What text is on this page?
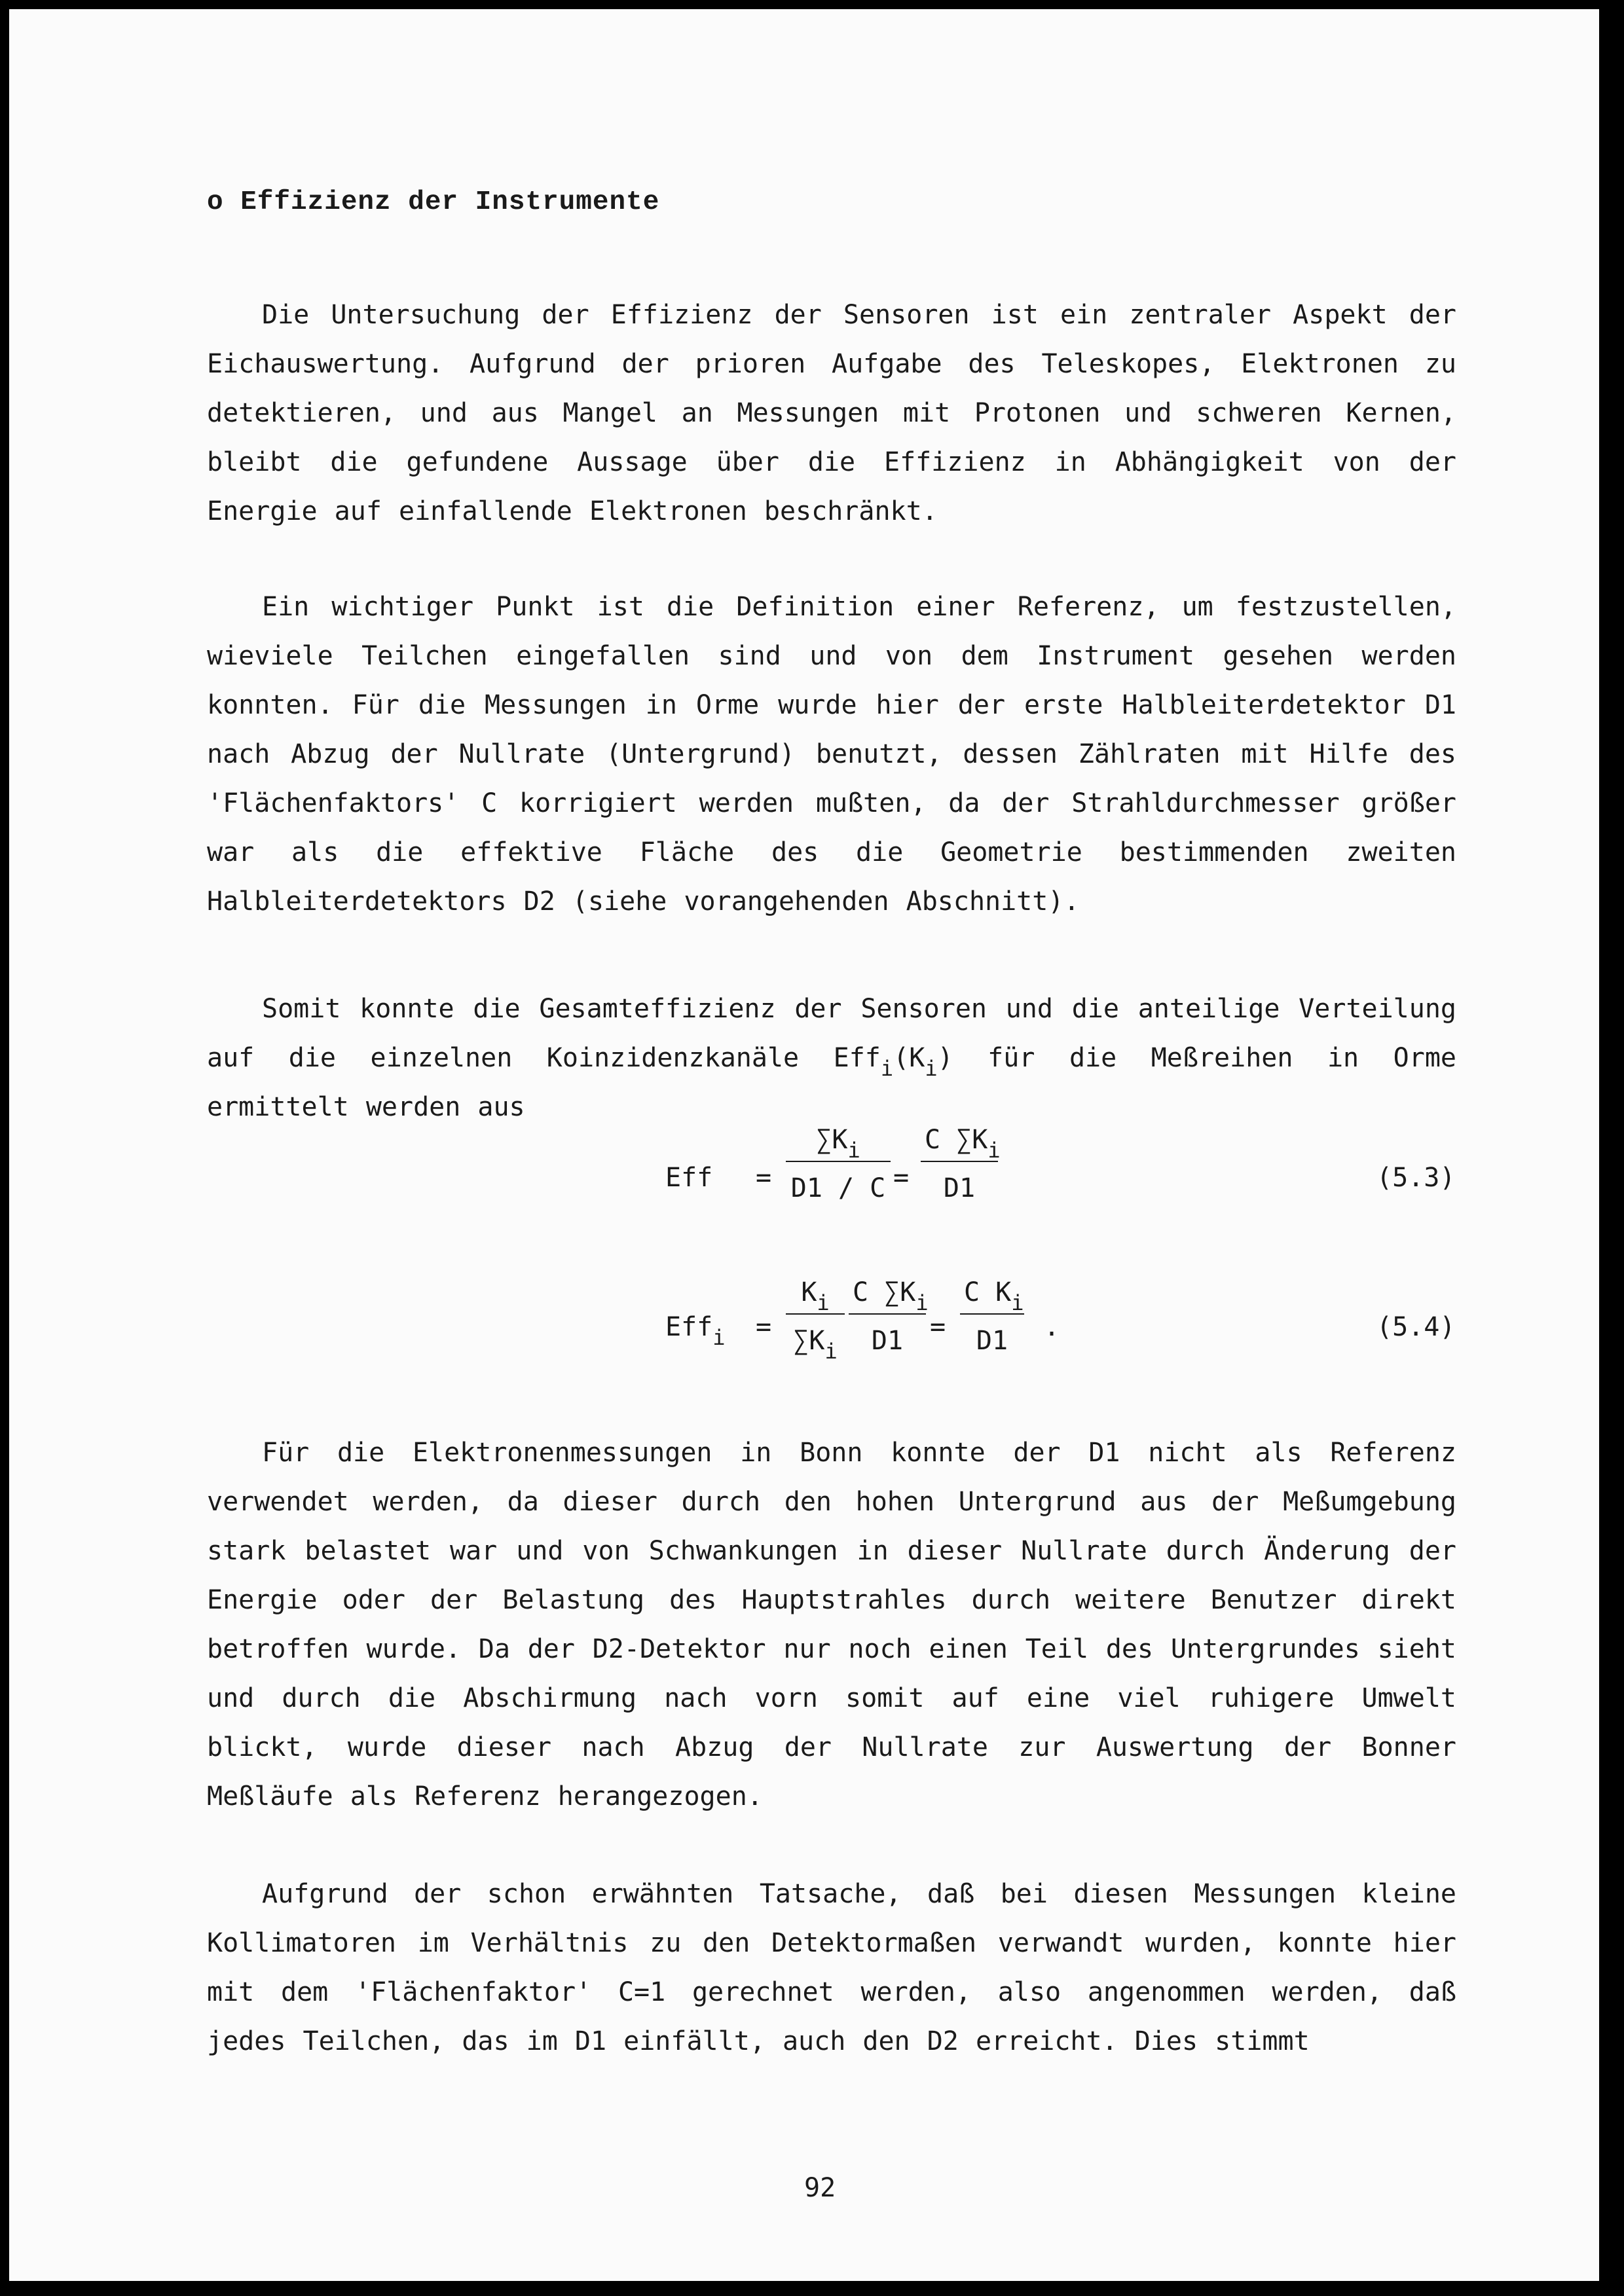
o Effizienz der Instrumente
Die Untersuchung der Effizienz der Sensoren ist ein zentraler Aspekt der Eichauswertung. Aufgrund der prioren Aufgabe des Teleskopes, Elektronen zu detektieren, und aus Mangel an Messungen mit Protonen und schweren Kernen, bleibt die gefundene Aussage über die Effizienz in Abhängigkeit von der Energie auf einfallende Elektronen beschränkt.
Ein wichtiger Punkt ist die Definition einer Referenz, um festzustellen, wieviele Teilchen eingefallen sind und von dem Instrument gesehen werden konnten. Für die Messungen in Orme wurde hier der erste Halbleiterdetektor D1 nach Abzug der Nullrate (Untergrund) benutzt, dessen Zählraten mit Hilfe des 'Flächenfaktors' C korrigiert werden mußten, da der Strahldurchmesser größer war als die effektive Fläche des die Geometrie bestimmenden zweiten Halbleiterdetektors D2 (siehe vorangehenden Abschnitt).
Somit konnte die Gesamteffizienz der Sensoren und die anteilige Verteilung auf die einzelnen Koinzidenzkanäle $Eff_i(K_i)$ für die Meßreihen in Orme ermittelt werden aus
Eff = $\frac{\sum K_i}{D1 / C} = \frac{C \sum K_i}{D1}$	(5.3)
$Eff_i = \frac{K_i}{\sum K_i} \frac{C \sum K_i}{D1} = \frac{C K_i}{D1}$ .	(5.4)
Für die Elektronenmessungen in Bonn konnte der D1 nicht als Referenz verwendet werden, da dieser durch den hohen Untergrund aus der Meßumgebung stark belastet war und von Schwankungen in dieser Nullrate durch Änderung der Energie oder der Belastung des Hauptstrahles durch weitere Benutzer direkt betroffen wurde. Da der D2-Detektor nur noch einen Teil des Untergrundes sieht und durch die Abschirmung nach vorn somit auf eine viel ruhigere Umwelt blickt, wurde dieser nach Abzug der Nullrate zur Auswertung der Bonner Meßläufe als Referenz herangezogen.
Aufgrund der schon erwähnten Tatsache, daß bei diesen Messungen kleine Kollimatoren im Verhältnis zu den Detektormaßen verwandt wurden, konnte hier mit dem 'Flächenfaktor' C=1 gerechnet werden, also angenommen werden, daß jedes Teilchen, das im D1 einfällt, auch den D2 erreicht. Dies stimmt
92
